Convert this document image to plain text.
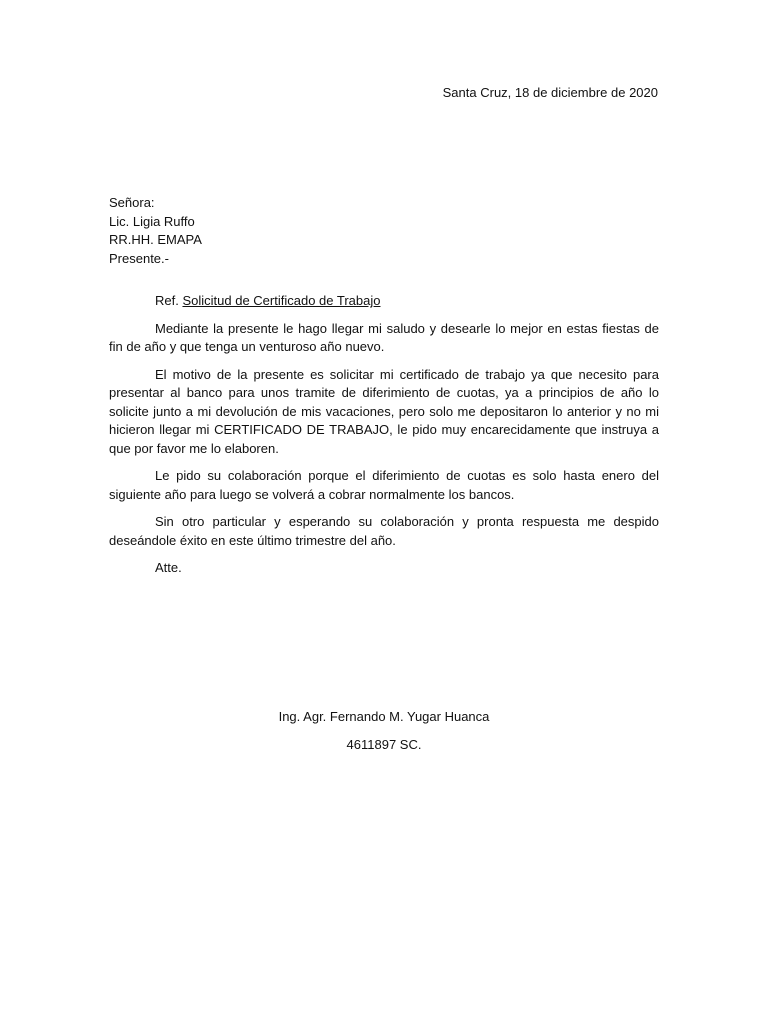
Santa Cruz, 18 de diciembre de 2020
Señora:
Lic. Ligia Ruffo
RR.HH. EMAPA
Presente.-
Ref. Solicitud de Certificado de Trabajo

Mediante la presente le hago llegar mi saludo y desearle lo mejor en estas fiestas de fin de año y que tenga un venturoso año nuevo.

El motivo de la presente es solicitar mi certificado de trabajo ya que necesito para presentar al banco para unos tramite de diferimiento de cuotas, ya a principios de año lo solicite junto a mi devolución de mis vacaciones, pero solo me depositaron lo anterior y no mi hicieron llegar mi CERTIFICADO DE TRABAJO, le pido muy encarecidamente que instruya a que por favor me lo elaboren.

Le pido su colaboración porque el diferimiento de cuotas es solo hasta enero del siguiente año para luego se volverá a cobrar normalmente los bancos.

Sin otro particular y esperando su colaboración y pronta respuesta me despido deseándole éxito en este último trimestre del año.

Atte.
Ing. Agr. Fernando M. Yugar Huanca
4611897 SC.
